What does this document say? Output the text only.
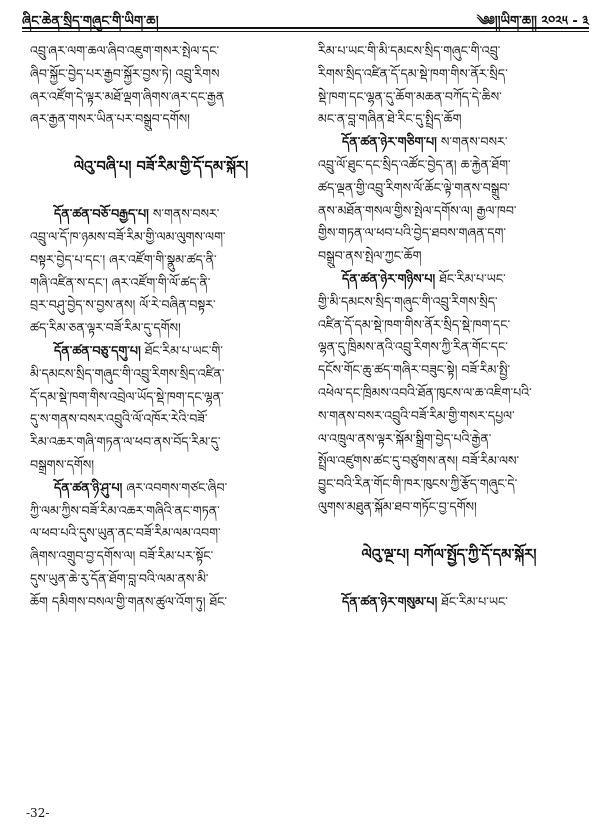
ཞིང་ཆེན་སྲིད་གཞུང་གི་ཡིག་ཆ།	༄༅།།ཡིག་ཆ།། ༢༠༢༥ - ༣
འབྲུ་ཞར་ལག་ཆལ་ཞིབ་འཇུག་གསར་སྤེལ་དང་
ཞིབ་སྐྱོང་བྱེད་པར་རྒྱབ་སྐྱོར་བྱས་ཏེ། འབྲུ་རིགས
ཞར་འཛོག་དེ་ལྟར་མཐོ་ལྡག་ཞིགས་ཞར་དང་རྒྱན
ཞར་རྒྱན་གསར་ཡིན་པར་བསྒྲུབ་དགོས།
ལེའུ་བཞི་པ། བཟོ་རིམ་གྱི་དོ་དམ་སྐོར།
དོན་ཚན་བཅོ་བརྒྱད་པ། ས་གནས་བསར་
འབྲུ་ལ་དོ་ཁ་ཉམས་བཟོ་རིམ་གྱི་ལམ་ལུགས་ལག་
བསྟར་བྱེད་པ་དང་། ཞར་འཛོག་གི་སྣུམ་ཚད་ནི་
གཞི་འཛིན་ས་དང་། ཞར་འཛོག་གི་ལོ་ཚད་ནི་
བྲར་བཤུ་བྱེད་ས་བྱས་ནས། ལོ་རེ་བཞིན་བསྟར་
ཚད་རིམ་ཅན་ལྟར་བཟོ་རིམ་དུ་དགོས།
དོན་ཚན་བཅུ་དགུ་པ། ཐོང་རིམ་པ་ཡང་གི་
མི་དམངས་སྲིད་གཞུང་གི་འབྲུ་རིགས་སྲིད་འཛིན་
དོ་དམ་སྡེ་ཁག་གིས་འབྲེལ་ཡོད་སྡེ་ཁག་དང་ལྷན་
དུ་ས་གནས་བསར་འབྲུའི་ལོ་འཁོར་རེའི་བཟོ་
རིམ་འཆར་གཞི་གཏན་ལ་ཕབ་ནས་བོད་རིམ་དུ་
བསྒྲགས་དགོས།
དོན་ཚན་ཉི་ཤུ་པ། ཞར་འབགས་གཙང་ཞིབ་
ཀྱི་ལམ་ཀྱིས་བཟོ་རིམ་འཆར་གཞིའི་ནང་གཏན་
ལ་ཕབ་པའི་དུས་ཡུན་ནང་བཟོ་རིམ་ལམ་འབག་
ཞིགས་འགྲུབ་བྱ་དགོས་ལ། བཟོ་རིམ་པར་སྟོང་
དུས་ཡུན་ཆེ་རུ་དོན་ཐོག་བླ་བའི་ལམ་ནས་མི་
ཆོག དམིགས་བསལ་གྱི་གནས་ཚུལ་འོག་ཏུ། ཐོང་
རིམ་པ་ཡང་གི་མི་དམངས་སྲིད་གཞུང་གི་འབྲུ་
རིགས་སྲིད་འཛིན་དོ་དམ་སྡེ་ཁག་གིས་ནོར་སྲིད་
སྡེ་ཁག་དང་ལྷན་དུ་ཆོག་མཆན་བཀོད་དེ་ཆིས་
མང་ན་བླ་གཞིན་ཐེ་རིང་དུ་སྤྲིད་ཆོག
དོན་ཚན་ཉེར་གཅིག་པ། ས་གནས་བསར་
འབྲུ་ལོ་ཐུང་དང་སྲིད་འཚོང་བྱེད་ན། ཆ་རྐྱེན་ཐོག་
ཚད་ལྡན་གྱི་འབྲུ་རིགས་ལོ་ཆོང་ལྟེ་གནས་བསྒྲུབ་
ནས་མཐོན་གསལ་གྱིས་སྤེལ་དགོས་ལ། རྒྱལ་ཁབ་
གྱིས་གཏན་ལ་ཕབ་པའི་བྱེད་ཐབས་གཞན་དག་
བསྒྲུབ་ནས་སྤེལ་ཀྱང་ཆོག
དོན་ཚན་ཉེར་གཉིས་པ། ཐོང་རིམ་པ་ཡང་
གྱི་མི་དམངས་སྲིད་གཞུང་གི་འབྲུ་རིགས་སྲིད་
འཛིན་དོ་དམ་སྡེ་ཁག་གིས་ནོར་སྲིད་སྡེ་ཁག་དང་
ལྷན་དུ་ཁྲིམས་ནའི་འབྲུ་རིགས་ཀྱི་རིན་གོང་དང་
དངོས་གོང་ཆུ་ཚད་གཞིར་བཟུང་སྟེ། བཟོ་རིམ་སྤྱི་
འཕེལ་དང་ཁྲིམས་འབའི་ཐོན་ཁུངས་ལ་ཆ་འཇིག་པའི་
ས་གནས་བསར་འབྲུའི་བཟོ་རིམ་གྱི་གསར་དཔྱལ་
ལ་འཁྲུལ་ནས་ལྟར་སྐོམ་སྒྲིག་བྱེད་པའི་རྒྱེན་
སྤྲོལ་འཛུགས་ཚང་དུ་བཙུགས་ནས། བཟོ་རིམ་ལས་
བྱུང་བའི་རིན་གོང་གི་ཁར་ཁུངས་ཀྱི་རྩོད་གཞུང་དེ་
ལུགས་མཐུན་སྐོམ་ཐབ་གཏོང་བྱ་དགོས།
ལེའུ་ལྔ་པ། བཀོལ་སྤྱོད་ཀྱི་དོ་དམ་སྐོར།
དོན་ཚན་ཉེར་གསུམ་པ། ཐོང་རིམ་པ་ཡང་
-32-
